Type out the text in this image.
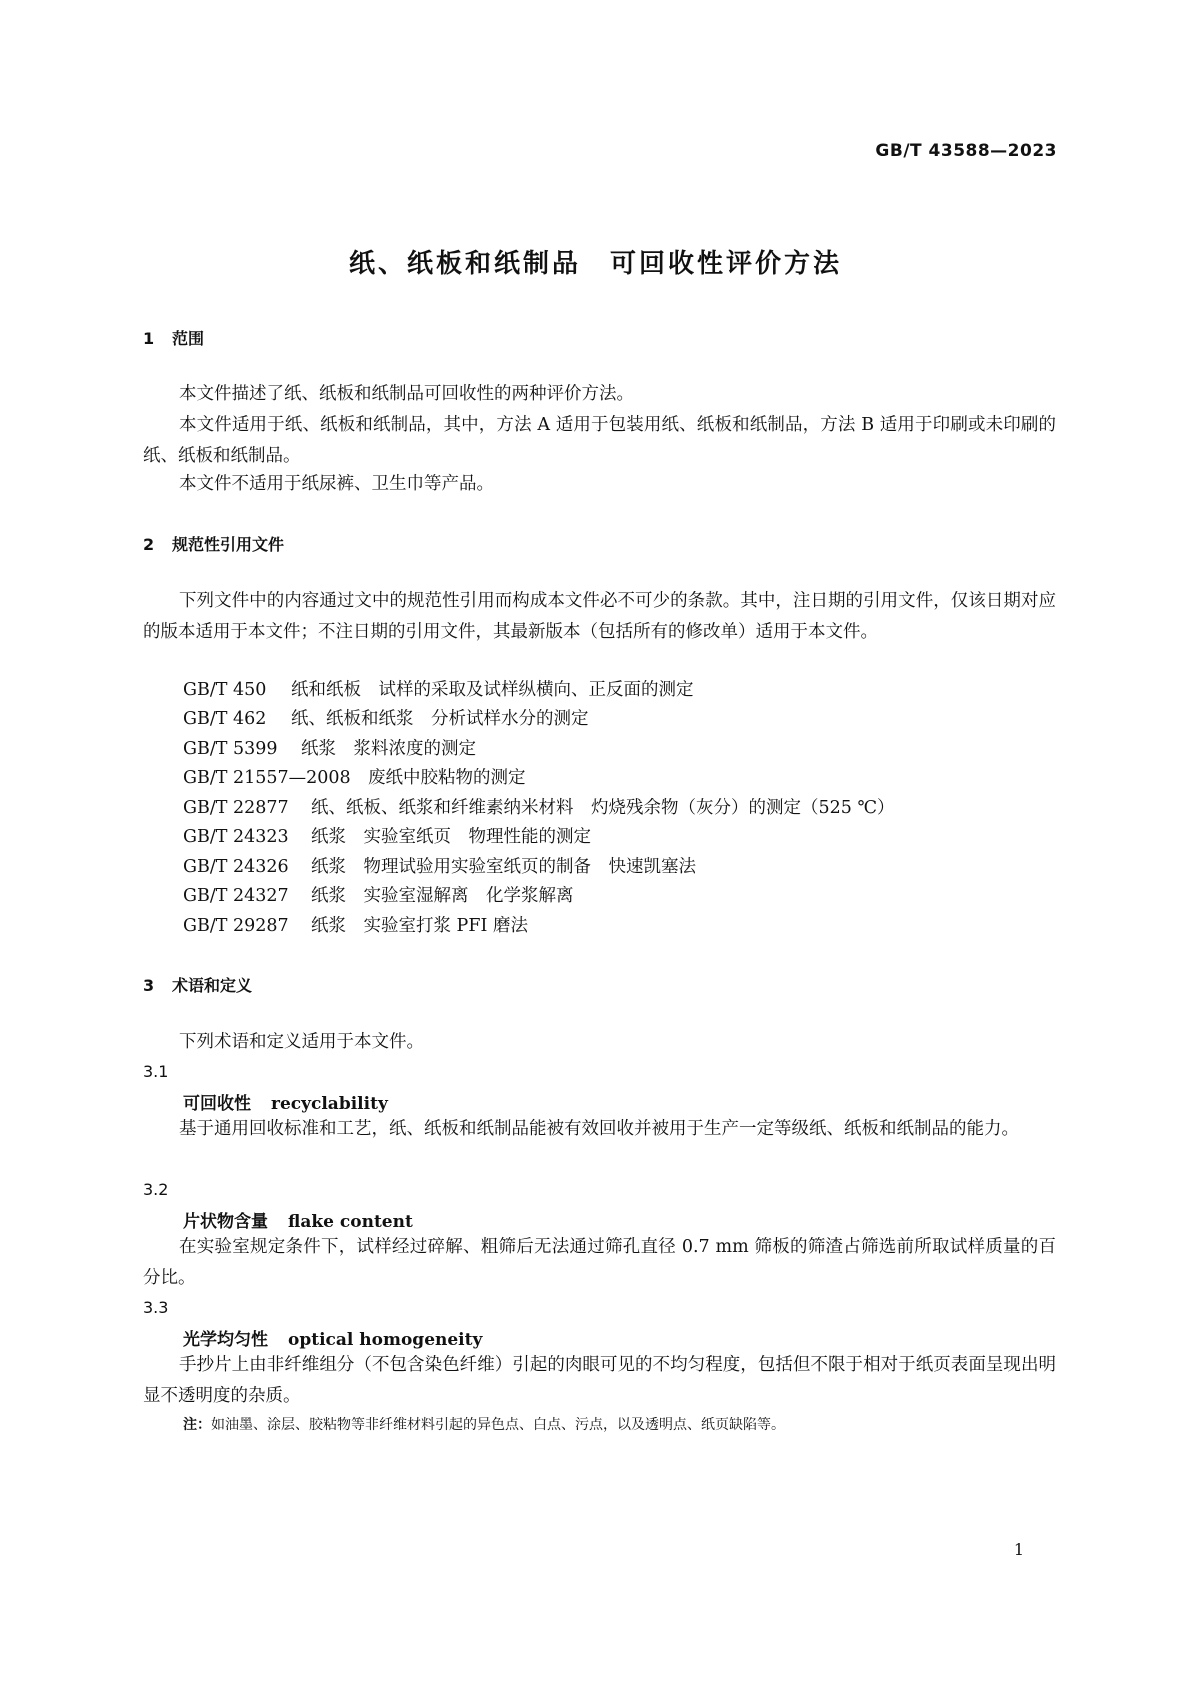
GB/T 43588—2023
纸、纸板和纸制品　可回收性评价方法
1 范围
本文件描述了纸、纸板和纸制品可回收性的两种评价方法。
本文件适用于纸、纸板和纸制品，其中，方法 A 适用于包装用纸、纸板和纸制品，方法 B 适用于印刷或未印刷的纸、纸板和纸制品。
本文件不适用于纸尿裤、卫生巾等产品。
2 规范性引用文件
下列文件中的内容通过文中的规范性引用而构成本文件必不可少的条款。其中，注日期的引用文件，仅该日期对应的版本适用于本文件；不注日期的引用文件，其最新版本（包括所有的修改单）适用于本文件。
GB/T 450 纸和纸板　试样的采取及试样纵横向、正反面的测定
GB/T 462 纸、纸板和纸浆　分析试样水分的测定
GB/T 5399 纸浆　浆料浓度的测定
GB/T 21557—2008 废纸中胶粘物的测定
GB/T 22877 纸、纸板、纸浆和纤维素纳米材料　灼烧残余物（灰分）的测定（525 ℃）
GB/T 24323 纸浆　实验室纸页　物理性能的测定
GB/T 24326 纸浆　物理试验用实验室纸页的制备　快速凯塞法
GB/T 24327 纸浆　实验室湿解离　化学浆解离
GB/T 29287 纸浆　实验室打浆 PFI 磨法
3 术语和定义
下列术语和定义适用于本文件。
3.1
可回收性 recyclability
基于通用回收标准和工艺，纸、纸板和纸制品能被有效回收并被用于生产一定等级纸、纸板和纸制品的能力。
3.2
片状物含量 flake content
在实验室规定条件下，试样经过碎解、粗筛后无法通过筛孔直径 0.7 mm 筛板的筛渣占筛选前所取试样质量的百分比。
3.3
光学均匀性 optical homogeneity
手抄片上由非纤维组分（不包含染色纤维）引起的肉眼可见的不均匀程度，包括但不限于相对于纸页表面呈现出明显不透明度的杂质。
注：如油墨、涂层、胶粘物等非纤维材料引起的异色点、白点、污点，以及透明点、纸页缺陷等。
1
